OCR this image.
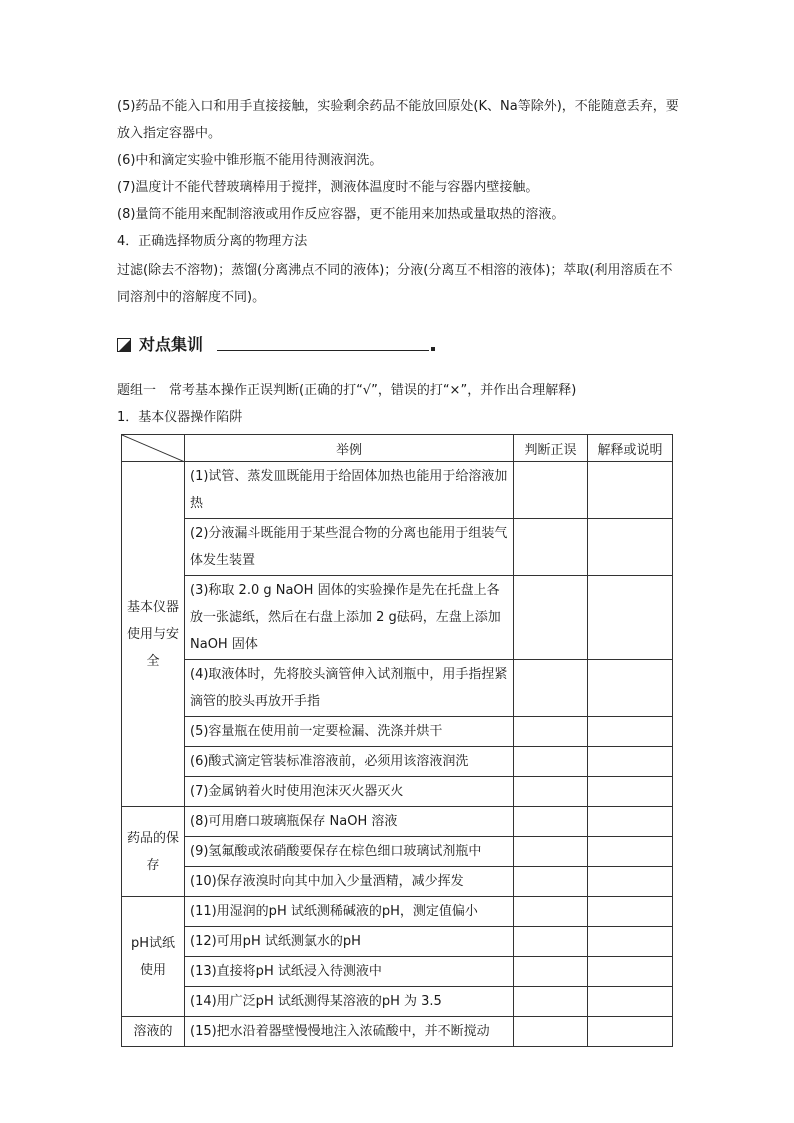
(5)药品不能入口和用手直接接触，实验剩余药品不能放回原处(K、Na等除外)，不能随意丢弃，要放入指定容器中。

(6)中和滴定实验中锥形瓶不能用待测液润洗。

(7)温度计不能代替玻璃棒用于搅拌，测液体温度时不能与容器内壁接触。

(8)量筒不能用来配制溶液或用作反应容器，更不能用来加热或量取热的溶液。

4．正确选择物质分离的物理方法

过滤(除去不溶物)；蒸馏(分离沸点不同的液体)；分液(分离互不相溶的液体)；萃取(利用溶质在不同溶剂中的溶解度不同)。

对点集训

题组一　常考基本操作正误判断(正确的打“√”，错误的打“×”，并作出合理解释)

1．基本仪器操作陷阱

	举例	判断正误	解释或说明
基本仪器使用与安全	(1)试管、蒸发皿既能用于给固体加热也能用于给溶液加热		
	(2)分液漏斗既能用于某些混合物的分离也能用于组装气体发生装置		
	(3)称取 2.0 g NaOH 固体的实验操作是先在托盘上各放一张滤纸，然后在右盘上添加 2 g砝码，左盘上添加 NaOH 固体		
	(4)取液体时，先将胶头滴管伸入试剂瓶中，用手指捏紧滴管的胶头再放开手指		
	(5)容量瓶在使用前一定要检漏、洗涤并烘干		
	(6)酸式滴定管装标准溶液前，必须用该溶液润洗		
	(7)金属钠着火时使用泡沫灭火器灭火		
药品的保存	(8)可用磨口玻璃瓶保存 NaOH 溶液		
	(9)氢氟酸或浓硝酸要保存在棕色细口玻璃试剂瓶中		
	(10)保存液溴时向其中加入少量酒精，减少挥发		
pH试纸使用	(11)用湿润的pH 试纸测稀碱液的pH，测定值偏小		
	(12)可用pH 试纸测氯水的pH		
	(13)直接将pH 试纸浸入待测液中		
	(14)用广泛pH 试纸测得某溶液的pH 为 3.5		
溶液的	(15)把水沿着器壁慢慢地注入浓硫酸中，并不断搅动		
